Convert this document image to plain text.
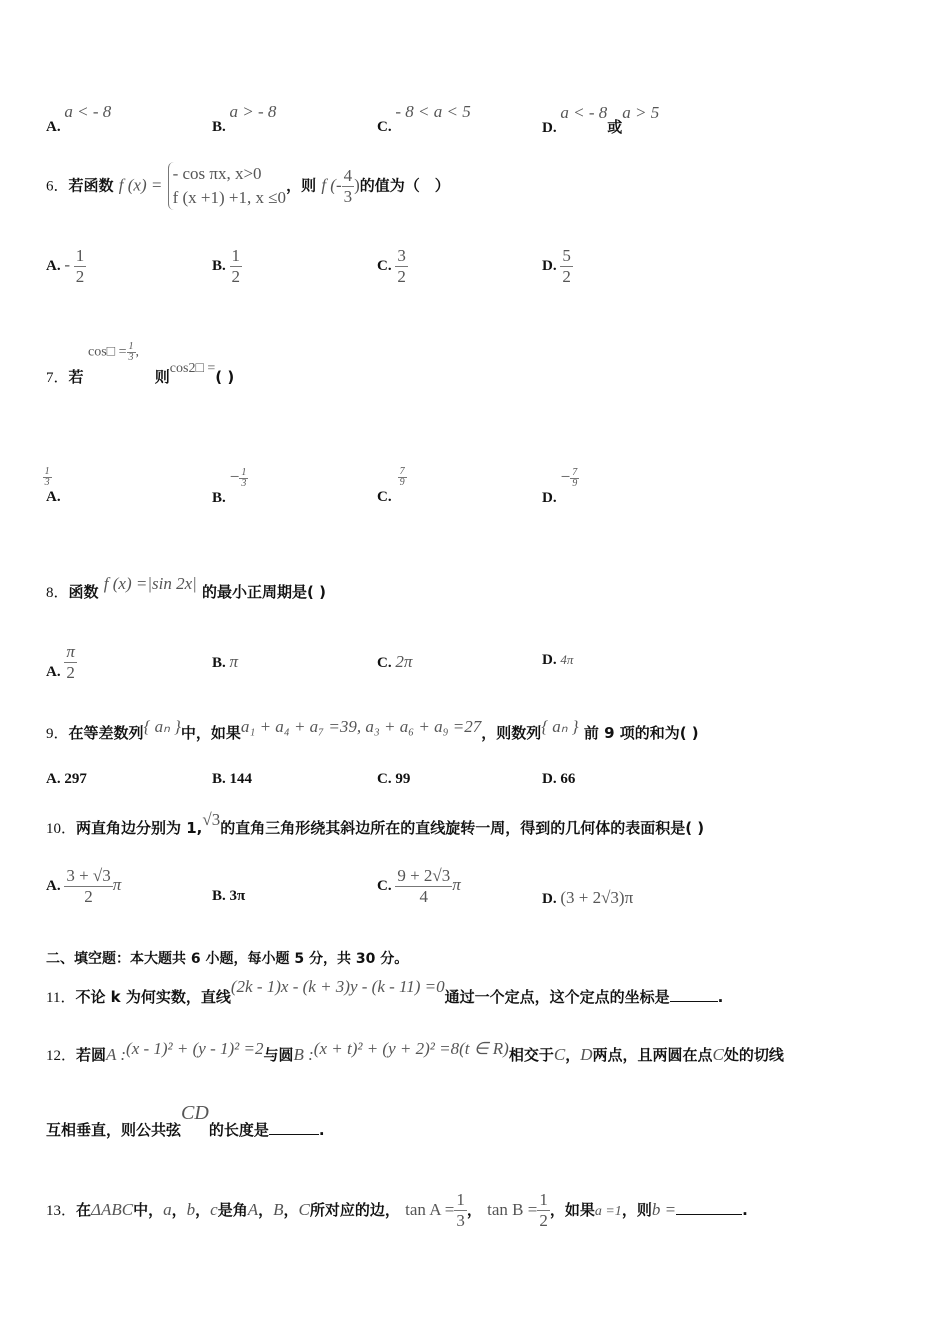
A. a < - 8
B. a > - 8
C. - 8 < a < 5
D. a < - 8或a > 5
6．若函数 f (x) =
- cos πx, x>0
f (x +1) +1, x ≤0
，则 f (- $\frac{4}{3}$ )的值为（　）
A. - $\frac{1}{2}$	B. $\frac{1}{2}$	C. $\frac{3}{2}$	D. $\frac{5}{2}$
7．若
cos□ = $\frac{1}{3}$ ,
则cos2□ =( )
A.
$\frac{1}{3}$
$B.- \frac{1}{3}$
C.
$\frac{7}{9}$
$D.- \frac{7}{9}$
8．函数 f (x) =|sin 2x| 的最小正周期是( )
A. $\frac{\pi}{2}$	B. π	C. 2π	D. 4π
9．在等差数列{ aₙ }中，如果a₁ + a₄ + a₇ =39, a₃ + a₆ + a₉ =27，则数列{ aₙ } 前 9 项的和为( )
A. 297	B. 144	C. 99	D. 66
10．两直角边分别为 1,√3的直角三角形绕其斜边所在的直线旋转一周，得到的几何体的表面积是( )
A. $\frac{3 + √3}{2}$ π
B. 3π
C. $\frac{9 + 2√3}{4}$ π
D. (3 + 2√3)π
二、填空题：本大题共 6 小题，每小题 5 分，共 30 分。
11．不论 k 为何实数，直线(2k - 1)x - (k + 3)y - (k - 11) =0通过一个定点，这个定点的坐标是	.
12．若圆A :(x - 1)² + (y - 1)² =2与圆B :(x + t)² + (y + 2)² =8(t ∈ R)相交于C，D两点，且两圆在点C处的切线
互相垂直，则公共弦CD的长度是	.
13．在ΔABC中，a，b，c是角A，B，C所对应的边， $\tan A = \frac{1}{3}$ ， $\tan B = \frac{1}{2}$ ，如果a =1，则b =	.
